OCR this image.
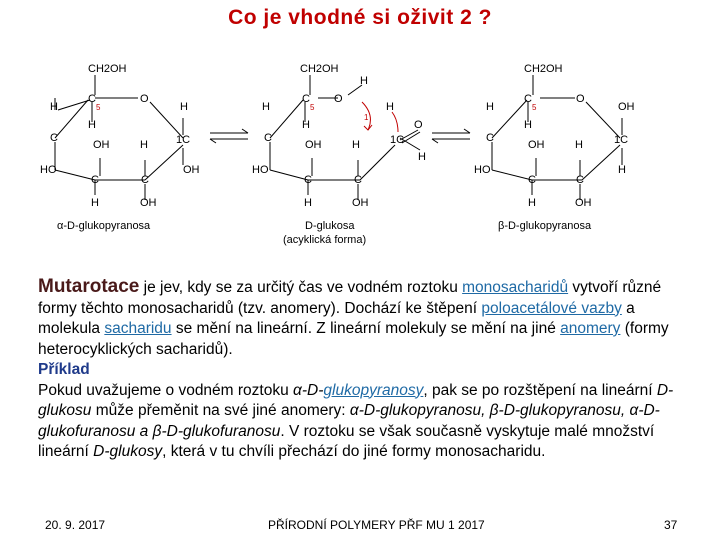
Co je vhodné si oživit 2 ?
CH2OH
H
C
5
O
H
H
C
OH	H	1C
HO
C	C
OH
H	OH
α-D-glukopyranosa
CH2OH
H
H
C
5
O
1
H
H	O
C
OH	H	1C
H
HO
C	C
H	OH
D-glukosa
(acyklická forma)
CH2OH
H
C
5
O
OH
H
C
OH	H	1C
HO
C	C
H
H	OH
β-D-glukopyranosa

Mutarotace je jev, kdy se za určitý čas ve vodném roztoku monosacharidů vytvoří různé formy těchto monosacharidů (tzv. anomery). Dochází ke štěpení poloacetálové vazby a molekula sacharidu se mění na lineární. Z lineární molekuly se mění na jiné anomery (formy heterocyklických sacharidů).

Příklad

Pokud uvažujeme o vodném roztoku α-D-glukopyranosy, pak se po rozštěpení na lineární D-glukosu může přeměnit na své jiné anomery: α-D-glukopyranosu, β-D-glukopyranosu, α-D-glukofuranosu a β-D-glukofuranosu. V roztoku se však současně vyskytuje malé množství lineární D-glukosy, která v tu chvíli přechází do jiné formy monosacharidu.

20. 9. 2017	PŘÍRODNÍ POLYMERY PŘF MU 1 2017	37
